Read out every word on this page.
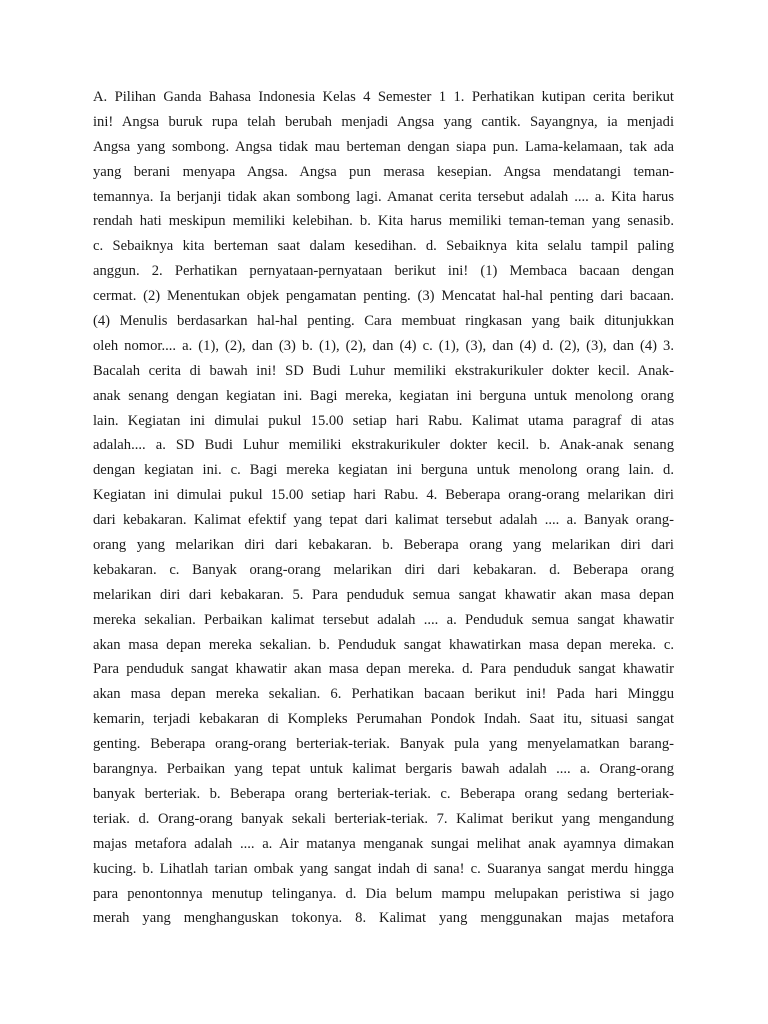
A. Pilihan Ganda Bahasa Indonesia Kelas 4 Semester 1 1. Perhatikan kutipan cerita berikut
ini! Angsa buruk rupa telah berubah menjadi Angsa yang cantik. Sayangnya, ia menjadi
Angsa yang sombong. Angsa tidak mau berteman dengan siapa pun. Lama-kelamaan, tak ada
yang berani menyapa Angsa. Angsa pun merasa kesepian. Angsa mendatangi teman-
temannya. Ia berjanji tidak akan sombong lagi. Amanat cerita tersebut adalah .... a. Kita harus
rendah hati meskipun memiliki kelebihan. b. Kita harus memiliki teman-teman yang senasib.
c. Sebaiknya kita berteman saat dalam kesedihan. d. Sebaiknya kita selalu tampil paling
anggun. 2. Perhatikan pernyataan-pernyataan berikut ini! (1) Membaca bacaan dengan
cermat. (2) Menentukan objek pengamatan penting. (3) Mencatat hal-hal penting dari bacaan.
(4) Menulis berdasarkan hal-hal penting. Cara membuat ringkasan yang baik ditunjukkan
oleh nomor.... a. (1), (2), dan (3) b. (1), (2), dan (4) c. (1), (3), dan (4) d. (2), (3), dan (4) 3.
Bacalah cerita di bawah ini! SD Budi Luhur memiliki ekstrakurikuler dokter kecil. Anak-
anak senang dengan kegiatan ini. Bagi mereka, kegiatan ini berguna untuk menolong orang
lain. Kegiatan ini dimulai pukul 15.00 setiap hari Rabu. Kalimat utama paragraf di atas
adalah.... a. SD Budi Luhur memiliki ekstrakurikuler dokter kecil. b. Anak-anak senang
dengan kegiatan ini. c. Bagi mereka kegiatan ini berguna untuk menolong orang lain. d.
Kegiatan ini dimulai pukul 15.00 setiap hari Rabu. 4. Beberapa orang-orang melarikan diri
dari kebakaran. Kalimat efektif yang tepat dari kalimat tersebut adalah .... a. Banyak orang-
orang yang melarikan diri dari kebakaran. b. Beberapa orang yang melarikan diri dari
kebakaran. c. Banyak orang-orang melarikan diri dari kebakaran. d. Beberapa orang
melarikan diri dari kebakaran. 5. Para penduduk semua sangat khawatir akan masa depan
mereka sekalian. Perbaikan kalimat tersebut adalah .... a. Penduduk semua sangat khawatir
akan masa depan mereka sekalian. b. Penduduk sangat khawatirkan masa depan mereka. c.
Para penduduk sangat khawatir akan masa depan mereka. d. Para penduduk sangat khawatir
akan masa depan mereka sekalian. 6. Perhatikan bacaan berikut ini! Pada hari Minggu
kemarin, terjadi kebakaran di Kompleks Perumahan Pondok Indah. Saat itu, situasi sangat
genting. Beberapa orang-orang berteriak-teriak. Banyak pula yang menyelamatkan barang-
barangnya. Perbaikan yang tepat untuk kalimat bergaris bawah adalah .... a. Orang-orang
banyak berteriak. b. Beberapa orang berteriak-teriak. c. Beberapa orang sedang berteriak-
teriak. d. Orang-orang banyak sekali berteriak-teriak. 7. Kalimat berikut yang mengandung
majas metafora adalah .... a. Air matanya menganak sungai melihat anak ayamnya dimakan
kucing. b. Lihatlah tarian ombak yang sangat indah di sana! c. Suaranya sangat merdu hingga
para penontonnya menutup telinganya. d. Dia belum mampu melupakan peristiwa si jago
merah yang menghanguskan tokonya. 8. Kalimat yang menggunakan majas metafora
